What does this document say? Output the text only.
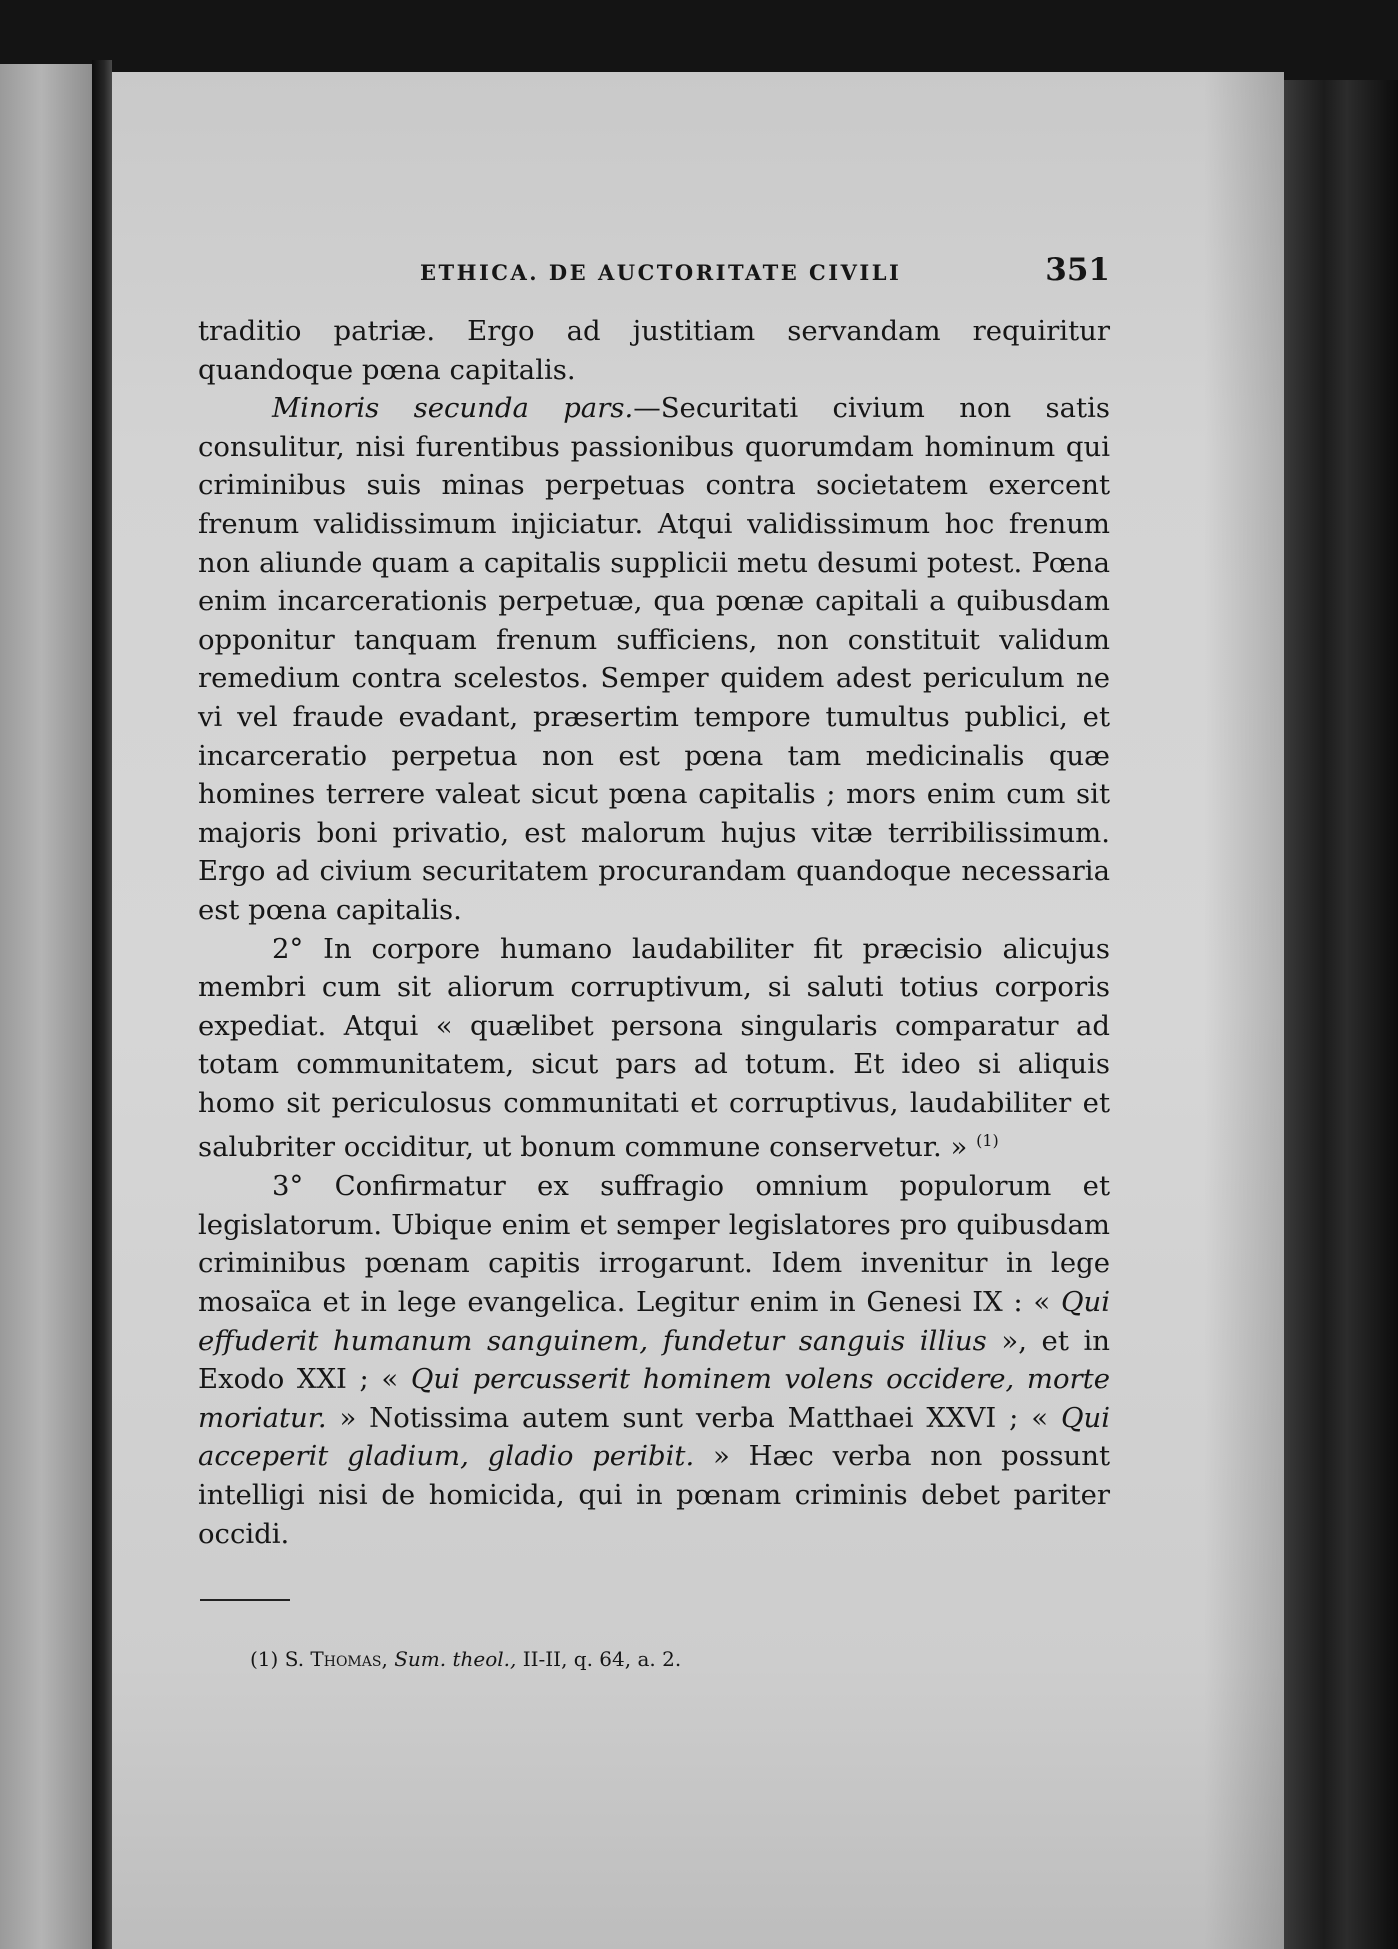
ETHICA. DE AUCTORITATE CIVILI	351

traditio patriæ. Ergo ad justitiam servandam requiritur quandoque pœna capitalis.

Minoris secunda pars.—Securitati civium non satis consulitur, nisi furentibus passionibus quorumdam hominum qui criminibus suis minas perpetuas contra societatem exercent frenum validissimum injiciatur. Atqui validissimum hoc frenum non aliunde quam a capitalis supplicii metu desumi potest. Pœna enim incarcerationis perpetuæ, qua pœnæ capitali a quibusdam opponitur tanquam frenum sufficiens, non constituit validum remedium contra scelestos. Semper quidem adest periculum ne vi vel fraude evadant, præsertim tempore tumultus publici, et incarceratio perpetua non est pœna tam medicinalis quæ homines terrere valeat sicut pœna capitalis ; mors enim cum sit majoris boni privatio, est malorum hujus vitæ terribilissimum. Ergo ad civium securitatem procurandam quandoque necessaria est pœna capitalis.

2° In corpore humano laudabiliter fit præcisio alicujus membri cum sit aliorum corruptivum, si saluti totius corporis expediat. Atqui « quælibet persona singularis comparatur ad totam communitatem, sicut pars ad totum. Et ideo si aliquis homo sit periculosus communitati et corruptivus, laudabiliter et salubriter occiditur, ut bonum commune conservetur. » $^{(1)}$

3° Confirmatur ex suffragio omnium populorum et legislatorum. Ubique enim et semper legislatores pro quibusdam criminibus pœnam capitis irrogarunt. Idem invenitur in lege mosaïca et in lege evangelica. Legitur enim in Genesi IX : « Qui effuderit humanum sanguinem, fundetur sanguis illius », et in Exodo XXI ; « Qui percusserit hominem volens occidere, morte moriatur. » Notissima autem sunt verba Matthaei XXVI ; « Qui acceperit gladium, gladio peribit. » Hæc verba non possunt intelligi nisi de homicida, qui in pœnam criminis debet pariter occidi.

(1) S. Thomas, Sum. theol., II-II, q. 64, a. 2.
